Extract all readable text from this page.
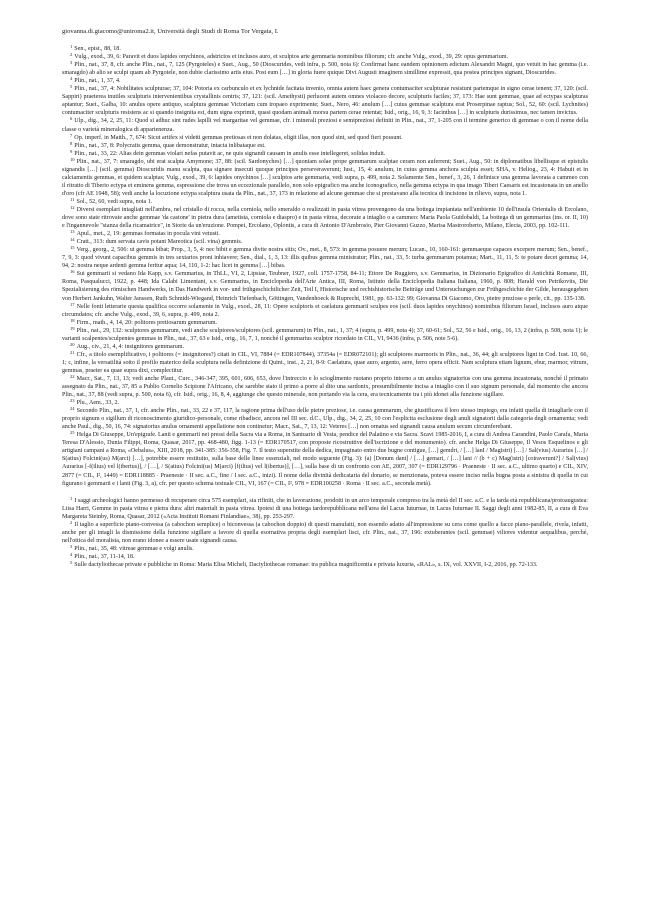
giovanna.di.giacomo@uniroma2.it, Università degli Studi di Roma Tor Vergata, I.

$^1$ Sen., epist., 88, 18.

$^2$ Vulg., exod., 39, 6: Paravit et duos lapides onychinos, adstrictos et inclusos auro, et sculptos arte gemmaria nominibus filiorum; cfr. anche Vulg., exod., 39, 29: opus gemmarium.

$^3$ Plin., nat., 37, 8, cfr. anche Plin., nat., 7, 125 (Pyrgoteles) e Suet., Aug., 50 (Dioscurides, vedi infra, p. 500, nota 6): Confirmat hanc eandem opinionem edictum Alexandri Magni, quo vetuit in hac gemma (i.e. smaragdo) ab alio se sculpi quam ab Pyrgotele, non dubie clarissimo artis eius. Post eum […] in gloria fuere quique Divi Augusti imaginem simillime expressit, qua postea principes signant, Dioscurides.

$^4$ Plin., nat., 1, 37, 4.

$^5$ Plin., nat., 37, 4: Nobilitates sculpturae; 37, 104: Potoria ex carbunculo et ex lychnide facitata invenio, omnia autem haec genera contumaciter sculpturae resistunt partemque in signo cerae tenent; 37, 120: (scil. Sappiri) praeterea inutiles sculpturis intervenientibus crystallinis centris; 37, 121: (scil. Amethysti) perlucent autem omnes violaceo decore, sculpturis faciles; 37, 173: Hae sunt gemmae, quae ad ectypas scalpturas aptantur; Suet., Galba, 10: anulus opere antiquo, scalptura gemmae Victoriam cum tropaeo exprimente; Suet., Nero, 46: anulum […] cuius gemmae scalptura erat Proserpinae raptus; Sol., 52, 60: (scil. Lychnites) contumaciter sculpturis resistens ac si quando insignita est, dum signa exprimit, quasi quodam animali morsu partem cerae retentat; Isid., orig., 16, 9, 3: Iacinthus […] in sculpturis durissimus, nec tamen invictus.

$^6$ Ulp., dig., 34, 2, 25, 11: Quod si adhuc sint rudes lapilli vel margaritae vel gemmae, cfr. i minerali preziosi e semipreziosi definiti in Plin., nat., 37, 1-205 con il termine generico di gemmae o con il nome della classe o varietà mineralogica di appartenenza.

$^7$ Op. imperf. in Matth., 7, 674: Sicut artifex si videtti gemmas pretiosas et non dolatas, eligit illas, non quod sint, sed quod fieri possunt.

$^8$ Plin., nat., 37, 8: Polycratis gemma, quae demonstratur, intacta inlibataque est.

$^9$ Plin., nat., 33, 22: Alias dein gemmas violari nefas putavit ac, ne quis signandi causam in anulis esse intellegeret, solidas induit.

$^{10}$ Plin., nat., 37, 7: smaragdo, ubi erat scalpta Amymone; 37, 88: (scil. Sardonyches) […] quoniam solae prope gemmarum scalptae ceram non auferrent; Suet., Aug., 50: in diplomatibus libellisque et epistulis signandis […] (scil. gemma) Dioscuridis manu scalpta, qua signare insecuti quoque principes perseveraverunt; Iust., 15, 4: anulum, in cuius gemma anchora sculpta esset; SHA, v. Heliog., 23, 4: Habuit et in calciamentis gemmas, et quidem scalptas; Vulg., exod., 39, 6: lapides onychinos […] sculptos arte gemmaria, vedi supra, p. 499, nota 2. Solamente Sen., benef., 3, 26, 1 definisce una gemma lavorata a cammeo con il ritratto di Tiberio ectypa et eminens gemma, espressione che trova un eccezionale parallelo, non solo epigrafico ma anche iconografico, nella gemma ectypa in qua imago Tiberi Caesaris est incastonata in un anello d'oro (cfr AE 1948, 58); vedi anche la locuzione ectypa scalptura usata da Plin., nat., 37, 173 in relazione ad alcune gemmae che si prestavano alla tecnica di incisione in rilievo, supra, nota 1.

$^{11}$ Sol., 52, 60, vedi supra, nota 1.

$^{12}$ Diversi esemplari intagliati nell'ambra, nel cristallo di rocca, nella corniola, nello smeraldo o realizzati in pasta vitrea provengono da una bottega impiantata nell'ambiente 10 dell'insula Orientalis di Ercolano, dove sono state ritrovate anche gemmae 'da castone' in pietra dura (ametista, corniola e diaspro) e in pasta vitrea, decorate a intaglio o a cammeo: Maria Paola Guidobaldi, La bottega di un gemmarius (ins. or. II, 10) e l'ingannevole "stanza della ricamatrice", in Storie da un'eruzione. Pompei, Ercolano, Oplontis, a cura di Antonio D'Ambrosio, Pier Giovanni Guzzo, Marisa Mastroroberto, Milano, Electa, 2003, pp. 102-111.

$^{13}$ Apul., met., 2, 19: gemmas formatas in pocula vini vetusti.

$^{14}$ Cratt., 313: dum servata cavis potant Mareotica (scil. vina) gemmis.

$^{15}$ Verg., georg., 2, 506: ut gemma bibat; Prop., 3, 5, 4: nec bibit e gemma divite nostra sitis; Ov., met., 8, 573: in gemma posuere merum; Lucan., 10, 160-161: gemmaeque capaces excepere merum; Sen., benef., 7, 9, 3: quod vivunt capacibus gemmis in tres sextarios proni inhiavere; Sen., dial., 1, 3, 13: illis quibus gemma ministratur; Plin., nat., 33, 5: turba gemmarum potamus; Mart., 11, 11, 5: te potare decet gemma; 14, 94, 2: nostra neque ardenti gemma feritur aqua; 14, 110, 1-2: hac licet in gemma […] bibas.

$^{16}$ Sui gemmarii si vedano Ida Kapp, s.v. Gemmarius, in ThLL, VI, 2, Lipsiae, Teubner, 1927, coll. 1757-1758, 84-11; Ettore De Ruggiero, s.v. Gemmarius, in Dizionario Epigrafico di Antichità Romane, III, Roma, Pasqualucci, 1922, p. 448; Ida Calabi Limentani, s.v. Gemmarius, in Enciclopedia dell'Arte Antica, III, Roma, Istituto della Enciclopedia Italiana Italiana, 1960, p. 808; Harald von Petrikovits, Die Spezialisierung des römischen Handwerks, in Das Handwerk in vor- und frühgeschichtlicher Zeit, Teil I, Historische und rechtshistorische Beiträge und Untersuchungen zur Frühgeschichte der Gilde, herausgegeben von Herbert Jankuhn, Walter Janssen, Ruth Schmidt-Wiegand, Heinrich Tiefenbach, Göttingen, Vandenhoeck & Ruprecht, 1981, pp. 63-132: 99; Giovanna Di Giacomo, Oro, pietre preziose e perle, cit., pp. 135-138.

$^{17}$ Nelle fonti letterarie questa qualifica occorre solamente in Vulg., exod., 28, 11: Opere sculptoris et caelatura gemmarii sculpes eos (scil. duos lapides onychinos) nominibus filiorum Israel, inclusos auro atque circumdatos; cfr. anche Vulg., exod., 39, 6, supra, p. 499, nota 2.

$^{18}$ Firm., math., 4, 14, 20: politores pretiosarum gemmarum.

$^{19}$ Plin., nat., 29, 132: sculptores gemmarum, vedi anche sculptores/sculptores (scil. gemmarum) in Plin., nat., 1, 37; 4 (supra, p. 499, nota 4); 37, 60-61; Sol., 52, 56 e Isid., orig., 16, 13, 2 (infra, p. 508, nota 1); le varianti scalpentes/sculpentes gemmas in Plin., nat., 37, 63 e Isid., orig., 16, 7, 1, nonché il gemmarius sculptor ricordato in CIL, VI, 9436 (infra, p. 506, note 5-6).

$^{20}$ Aug., civ., 21, 4, 4: insignitores gemmarum.

$^{21}$ Cfr., a titolo esemplificativo, i politores (= insignitores?) citati in CIL, VI, 7884 (= EDR107844), 37354a (= EDR072101); gli sculptores marmoris in Plin., nat., 36, 44; gli sculptores ligni in Cod. Iust. 10, 66, 1; c, infine, la versatilità sotto il profilo materico della sculptura nella definizione di Quint., inst., 2, 21, 8-9: Caelatura, quae auro, argento, aere, ferro opera efficit. Nam sculptura etiam lignum, ebur, marmor, vitrum, gemmas, praeter ea quae supra dixi, complectitur.

$^{22}$ Macr., Sat., 7, 13, 13; vedi anche Plaut., Curc., 346-347, 395, 601, 606, 653, dove l'intreccio e lo scioglimento ruotano proprio intorno a un anulus signatorius con una gemma incastonata, nonché il primato assegnato da Plin., nat., 37, 85 a Publio Cornelio Scipione l'Africano, che sarebbe stato il primo a porre al dito una sardonix, presumibilmente incisa a intaglio con il suo signum personale, dal momento che ancora Plin., nat., 37, 88 (vedi supra, p. 500, nota 6), cfr. Isid., orig., 16, 8, 4, aggiunge che questo minerale, non portando via la cera, era tecnicamente tra i più idonei alla funzione sigillare.

$^{23}$ Plu., Aem., 33, 2.

$^{24}$ Secondo Plin., nat., 37, 1, cfr. anche Plin., nat., 33, 22 e 37, 117, la ragione prima dell'uso delle pietre preziose, i.e. causa gemmarum, che giustificava il loro stesso impiego, era infatti quella di intagliarle con il proprio signum o sigillum di riconoscimento giuridico-personale, come ribadisce, ancora nel III sec. d.C., Ulp., dig., 34, 2, 25, 10 con l'esplicita esclusione degli anuli signatorii dalla categoria degli ornamenta; vedi anche Paul., dig., 50, 16, 74: signatorius anulus ornamenti appellatione non continetur; Macr., Sat., 7, 13, 12: Veteres […] non ornatus sed signandi causa anulum secum circumferebant.

$^{25}$ Helga Di Giuseppe, Un'epigrafe. Lanii e gemmarii nei pressi della Sacra via a Roma, in Santuario di Vesta, pendice del Palatino e via Sacra. Scavi 1985-2016, I, a cura di Andrea Carandini, Paolo Carafa, Maria Teresa D'Alessio, Dunia Filippi, Roma, Quasar, 2017, pp. 468-480, figg. 1-13 (= EDR170517, con proposte ricostruttive dell'iscrizione e del monumento). cfr. anche Helga Di Giuseppe, Il Vesos Esquelinos e gli artigiani campani a Roma, «Oebalus», XIII, 2018, pp. 341-385: 356-358, Fig. 7. Il testo superstite della dedica, impaginato entro due bugne contigue, […] gemdri, / […] lanI / Magistri) […] / Sal(vius) Aurarius […] / S(atius) Folcini(us) M(arci) […], potrebbe essere restituito, sulla base delle linee essenziali, nel modo seguente (Fig. 3): (a) [Donum dant] / […] gemari, / […] lani // (b + c) Mag(istri) [coiraverunt?] / Sal(vius) Aurarius [-f(ilius) vel l(ibertus)], / […], / S(atius) Folcini(us) M(arci) [f(ilius) vel l(ibertus)], […], sulla base di un confronto con AE, 2007, 307 (= EDR129796 · Praeneste · II sec. a.C., ultimo quarto) e CIL, XIV, 2877 (= CIL, I², 1449) = EDR118885 · Praeneste · II sec. a.C., fine / I sec. a.C., inizi). Il nome della divinità dedicataria del donario, se menzionata, poteva essere inciso nella bugna posta a sinistra di quella in cui figurano i gemmarii e i lanii (Fig. 3, a), cfr. per questo schema testuale CIL, VI, 167 (= CIL, I², 978 = EDR100258 · Roma · II sec. a.C., seconda metà).

$^1$ I saggi archeologici hanno permesso di recuperare circa 575 esemplari, sia rifiniti, che in lavorazione, prodotti in un arco temporale compreso tra la metà del II sec. a.C. e la tarda età repubblicana/protoaugustea: Liisa Harri, Gemme in pasta vitrea e pietra dura: altri materiali in pasta vitrea. Ipotesi di una bottega tardorepubblicana nell'area del Lacus Iuturnae, in Lacus Iuturnae II. Saggi degli anni 1982-85, II, a cura di Eva Margareta Steinby, Roma, Quasar, 2012 («Acta Instituti Romani Finlandiae», 38), pp. 253-297.

$^2$ Il taglio a superficie piano-convessa (a cabochon semplice) o biconvessa (a cabochon doppio) di questi manufatti, non essendo adatto all'impressione su cera come quello a facce piano-parallele, rivela, infatti, anche per gli intagli la dismissione della funzione sigillare a favore di quella esornativa propria degli esemplari lisci, cfr. Plin., nat., 37, 196: extuberantes (scil. gemmae) viliores videntur aequalibus, perché, nell'ottica del moralista, non erano idonee a essere usate signandi causa.

$^3$ Plin., nat., 35, 48: vitreae gemmae e volgi anulis.

$^4$ Plin., nat., 37, 11-14, 18.

$^5$ Sulle dactyliothecae private e pubbliche in Roma: Maria Elisa Micheli, Dactyliothecae romanae: tra publica magnificentia e privata luxuria, «RAL», s. IX, vol. XXVII, I-2, 2016, pp. 72-133.
